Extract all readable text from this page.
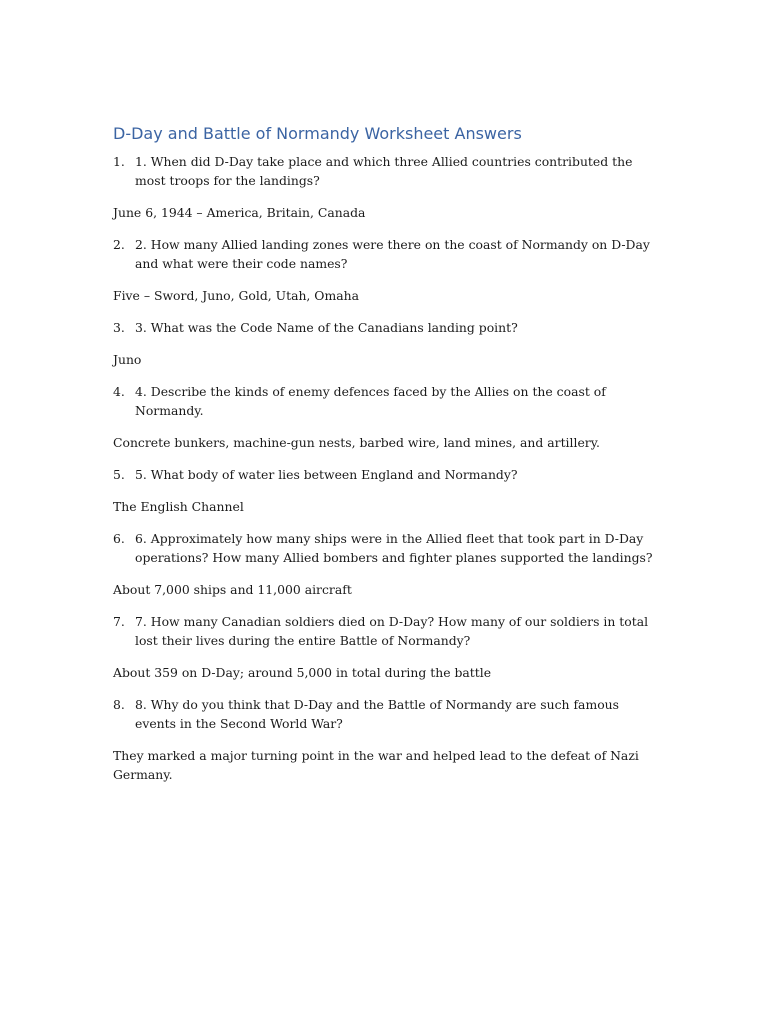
D-Day and Battle of Normandy Worksheet Answers
1. 1. When did D-Day take place and which three Allied countries contributed the most troops for the landings?

June 6, 1944 – America, Britain, Canada

2. 2. How many Allied landing zones were there on the coast of Normandy on D-Day and what were their code names?

Five – Sword, Juno, Gold, Utah, Omaha

3. 3. What was the Code Name of the Canadians landing point?

Juno

4. 4. Describe the kinds of enemy defences faced by the Allies on the coast of Normandy.

Concrete bunkers, machine-gun nests, barbed wire, land mines, and artillery.

5. 5. What body of water lies between England and Normandy?

The English Channel

6. 6. Approximately how many ships were in the Allied fleet that took part in D-Day operations? How many Allied bombers and fighter planes supported the landings?

About 7,000 ships and 11,000 aircraft

7. 7. How many Canadian soldiers died on D-Day? How many of our soldiers in total lost their lives during the entire Battle of Normandy?

About 359 on D-Day; around 5,000 in total during the battle

8. 8. Why do you think that D-Day and the Battle of Normandy are such famous events in the Second World War?

They marked a major turning point in the war and helped lead to the defeat of Nazi Germany.
